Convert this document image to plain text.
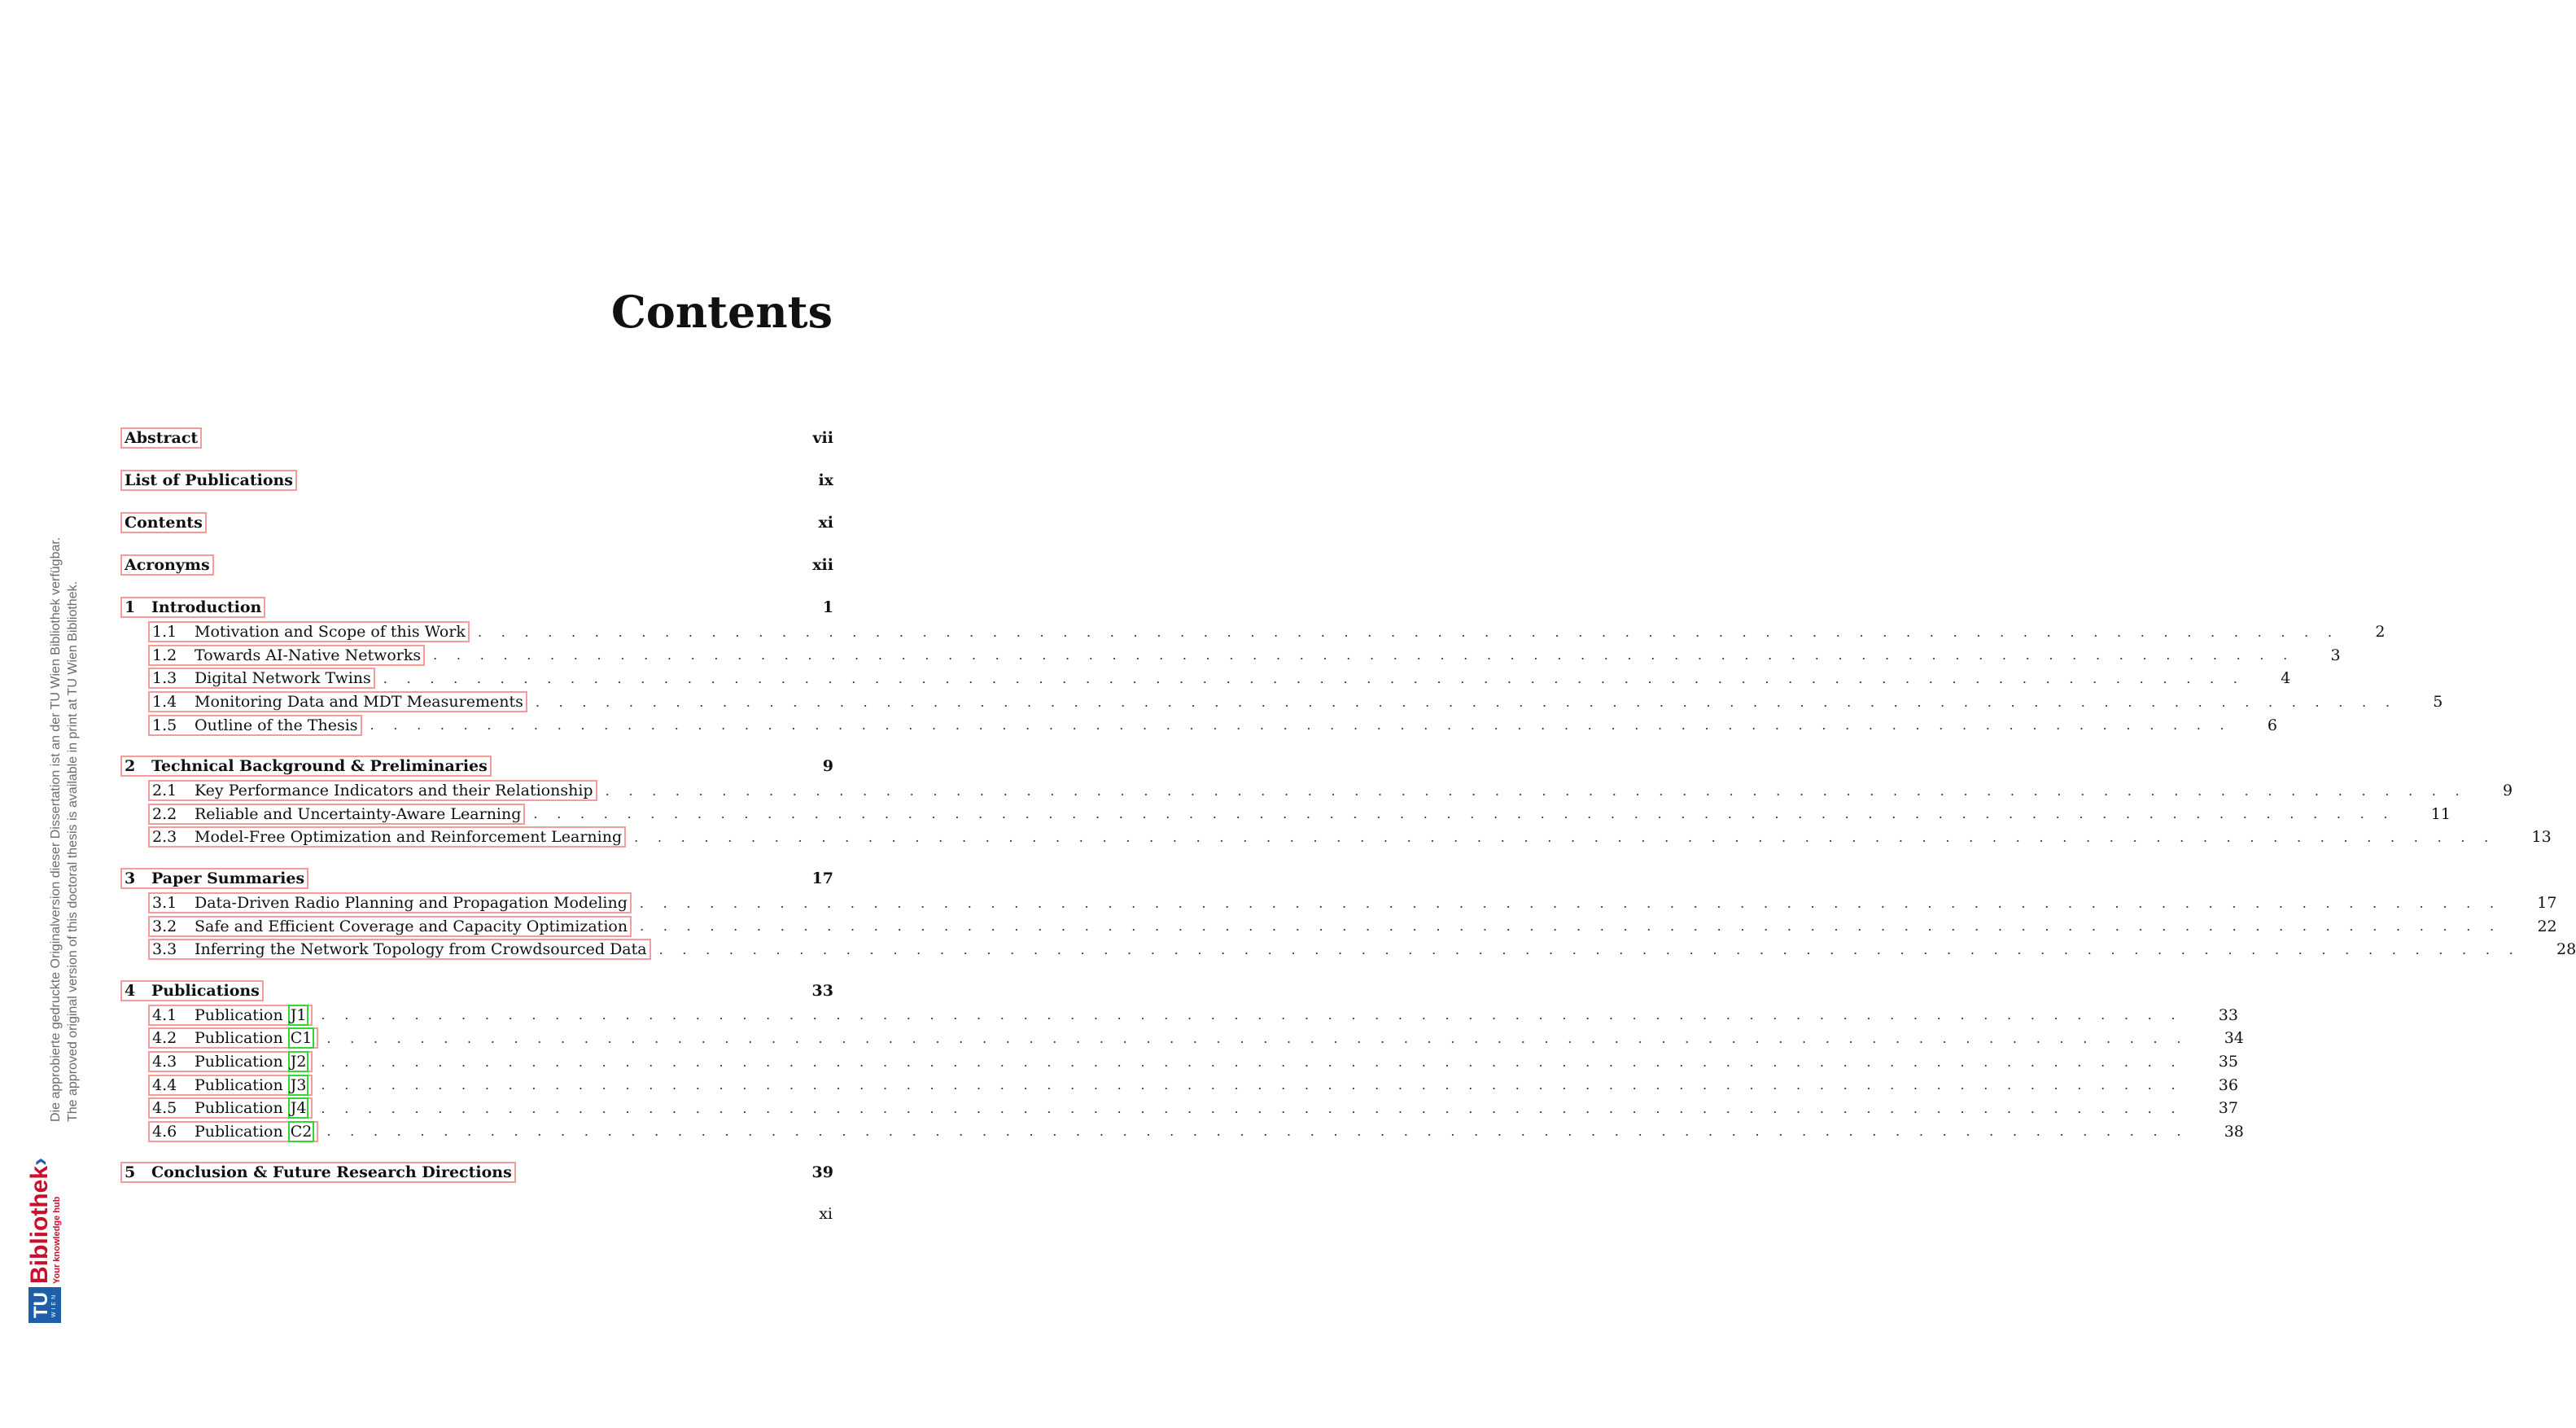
Contents
Abstract	vii
List of Publications	ix
Contents	xi
Acronyms	xii
1 Introduction	1
1.1 Motivation and Scope of this Work . . . . . . . . . . . . . . . . . . . . . . . . . . . . . . . . . . . . . . . . . . . . . . . . . . . . . . . . . . . . . . . . . . . . . . . . . . . . . . . . 2
1.2 Towards AI-Native Networks . . . . . . . . . . . . . . . . . . . . . . . . . . . . . . . . . . . . . . . . . . . . . . . . . . . . . . . . . . . . . . . . . . . . . . . . . . . . . . . . 3
1.3 Digital Network Twins . . . . . . . . . . . . . . . . . . . . . . . . . . . . . . . . . . . . . . . . . . . . . . . . . . . . . . . . . . . . . . . . . . . . . . . . . . . . . . . . 4
1.4 Monitoring Data and MDT Measurements . . . . . . . . . . . . . . . . . . . . . . . . . . . . . . . . . . . . . . . . . . . . . . . . . . . . . . . . . . . . . . . . . . . . . . . . . . . . . . . . 5
1.5 Outline of the Thesis . . . . . . . . . . . . . . . . . . . . . . . . . . . . . . . . . . . . . . . . . . . . . . . . . . . . . . . . . . . . . . . . . . . . . . . . . . . . . . . . 6
2 Technical Background & Preliminaries	9
2.1 Key Performance Indicators and their Relationship . . . . . . . . . . . . . . . . . . . . . . . . . . . . . . . . . . . . . . . . . . . . . . . . . . . . . . . . . . . . . . . . . . . . . . . . . . . . . . . . 9
2.2 Reliable and Uncertainty-Aware Learning . . . . . . . . . . . . . . . . . . . . . . . . . . . . . . . . . . . . . . . . . . . . . . . . . . . . . . . . . . . . . . . . . . . . . . . . . . . . . . . . 11
2.3 Model-Free Optimization and Reinforcement Learning . . . . . . . . . . . . . . . . . . . . . . . . . . . . . . . . . . . . . . . . . . . . . . . . . . . . . . . . . . . . . . . . . . . . . . . . . . . . . . . . 13
3 Paper Summaries	17
3.1 Data-Driven Radio Planning and Propagation Modeling . . . . . . . . . . . . . . . . . . . . . . . . . . . . . . . . . . . . . . . . . . . . . . . . . . . . . . . . . . . . . . . . . . . . . . . . . . . . . . . . 17
3.2 Safe and Efficient Coverage and Capacity Optimization . . . . . . . . . . . . . . . . . . . . . . . . . . . . . . . . . . . . . . . . . . . . . . . . . . . . . . . . . . . . . . . . . . . . . . . . . . . . . . . . 22
3.3 Inferring the Network Topology from Crowdsourced Data . . . . . . . . . . . . . . . . . . . . . . . . . . . . . . . . . . . . . . . . . . . . . . . . . . . . . . . . . . . . . . . . . . . . . . . . . . . . . . . . 28
4 Publications	33
4.1 Publication J1	. . . . . . . . . . . . . . . . . . . . . . . . . . . . . . . . . . . . . . . . . . . . . . . . . . . . . . . . . . . . . . . . . . . . . . . . . . . . . . . . 33
4.2 Publication C1	. . . . . . . . . . . . . . . . . . . . . . . . . . . . . . . . . . . . . . . . . . . . . . . . . . . . . . . . . . . . . . . . . . . . . . . . . . . . . . . . 34
4.3 Publication J2	. . . . . . . . . . . . . . . . . . . . . . . . . . . . . . . . . . . . . . . . . . . . . . . . . . . . . . . . . . . . . . . . . . . . . . . . . . . . . . . . 35
4.4 Publication J3	. . . . . . . . . . . . . . . . . . . . . . . . . . . . . . . . . . . . . . . . . . . . . . . . . . . . . . . . . . . . . . . . . . . . . . . . . . . . . . . . 36
4.5 Publication J4	. . . . . . . . . . . . . . . . . . . . . . . . . . . . . . . . . . . . . . . . . . . . . . . . . . . . . . . . . . . . . . . . . . . . . . . . . . . . . . . . 37
4.6 Publication C2	. . . . . . . . . . . . . . . . . . . . . . . . . . . . . . . . . . . . . . . . . . . . . . . . . . . . . . . . . . . . . . . . . . . . . . . . . . . . . . . . 38
5 Conclusion & Future Research Directions	39
xi
Die approbierte gedruckte Originalversion dieser Dissertation ist an der TU Wien Bibliothek verfügbar. The approved original version of this doctoral thesis is available in print at TU Wien Bibliothek.
TU WIEN
Bibliothek›
Your knowledge hub
